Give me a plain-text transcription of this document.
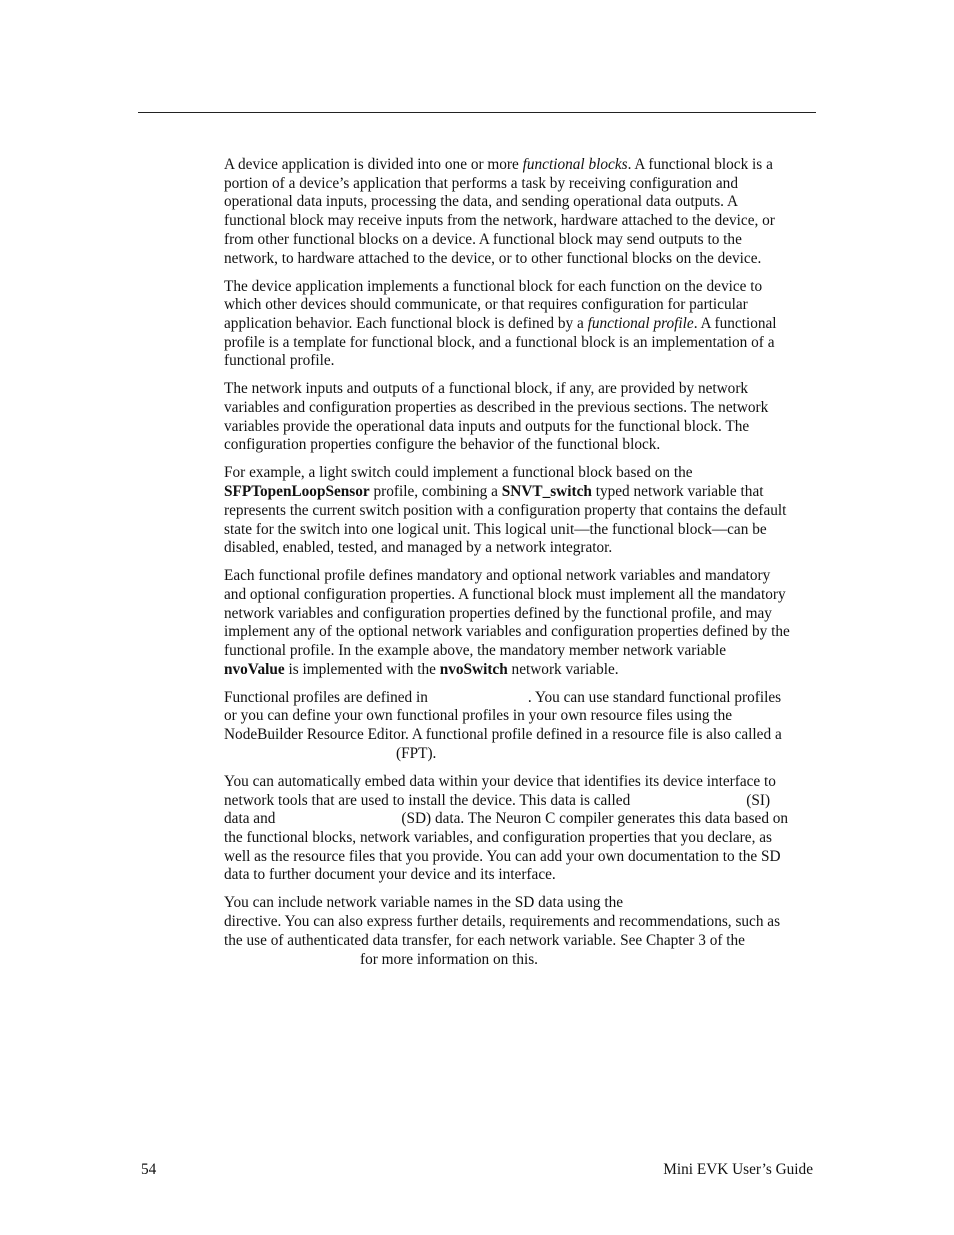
A device application is divided into one or more functional blocks. A functional block is a portion of a device’s application that performs a task by receiving configuration and operational data inputs, processing the data, and sending operational data outputs. A functional block may receive inputs from the network, hardware attached to the device, or from other functional blocks on a device. A functional block may send outputs to the network, to hardware attached to the device, or to other functional blocks on the device.

The device application implements a functional block for each function on the device to which other devices should communicate, or that requires configuration for particular application behavior. Each functional block is defined by a functional profile. A functional profile is a template for functional block, and a functional block is an implementation of a functional profile.

The network inputs and outputs of a functional block, if any, are provided by network variables and configuration properties as described in the previous sections. The network variables provide the operational data inputs and outputs for the functional block. The configuration properties configure the behavior of the functional block.

For example, a light switch could implement a functional block based on the SFPTopenLoopSensor profile, combining a SNVT_switch typed network variable that represents the current switch position with a configuration property that contains the default state for the switch into one logical unit. This logical unit—the functional block—can be disabled, enabled, tested, and managed by a network integrator.

Each functional profile defines mandatory and optional network variables and mandatory and optional configuration properties. A functional block must implement all the mandatory network variables and configuration properties defined by the functional profile, and may implement any of the optional network variables and configuration properties defined by the functional profile. In the example above, the mandatory member network variable nvoValue is implemented with the nvoSwitch network variable.

Functional profiles are defined in	. You can use standard functional profiles or you can define your own functional profiles in your own resource files using the NodeBuilder Resource Editor. A functional profile defined in a resource file is also called a(FPT).

You can automatically embed data within your device that identifies its device interface to network tools that are used to install the device. This data is called	(SI) data and	(SD) data. The Neuron C compiler generates this data based on the functional blocks, network variables, and configuration properties that you declare, as well as the resource files that you provide. You can add your own documentation to the SD data to further document your device and its interface.

You can include network variable names in the SD data using thedirective. You can also express further details, requirements and recommendations, such as the use of authenticated data transfer, for each network variable. See Chapter 3 of thefor more information on this.

54	Mini EVK User’s Guide
